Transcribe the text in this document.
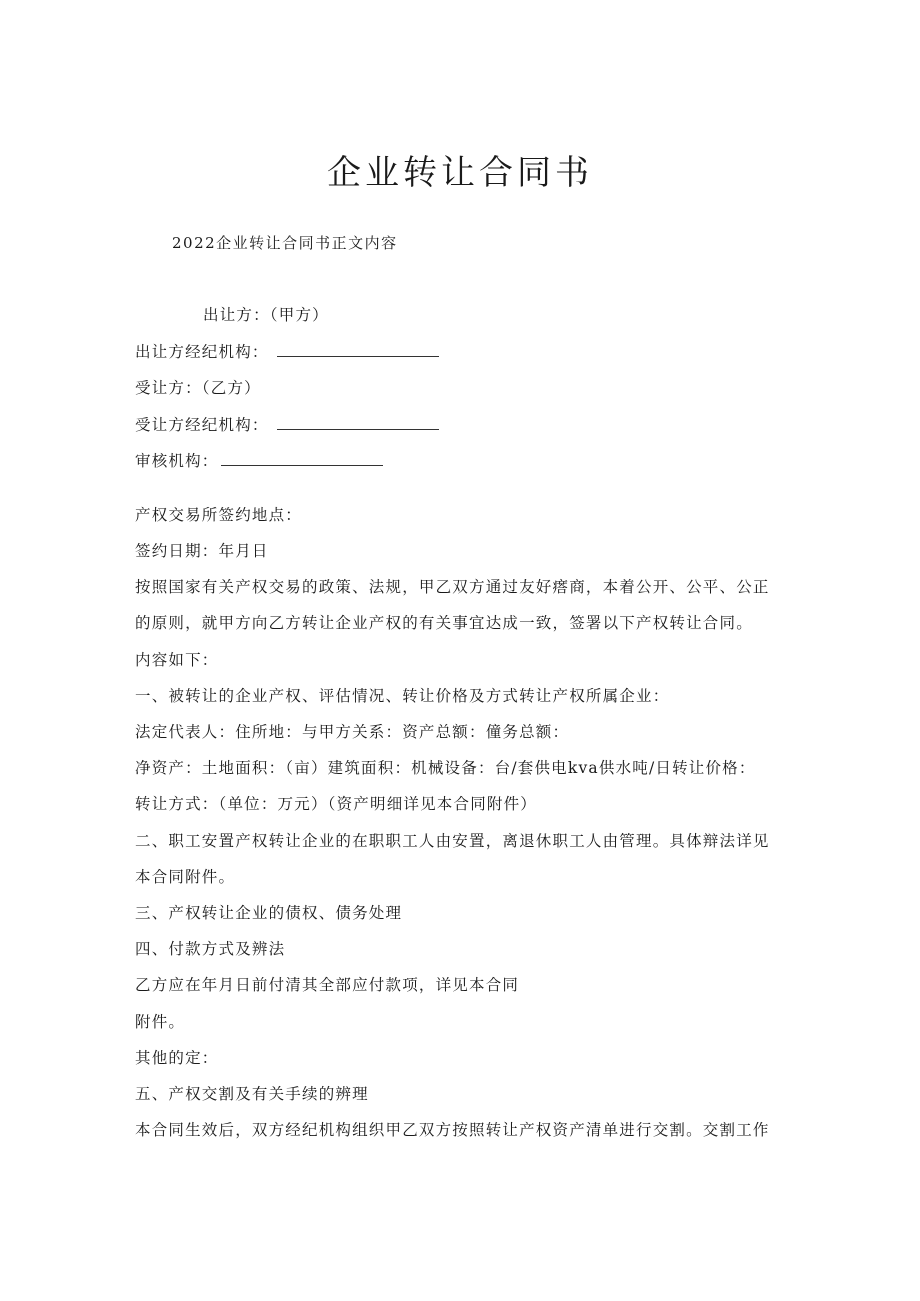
企业转让合同书

2022企业转让合同书正文内容

出让方：（甲方）

出让方经纪机构：

受让方：（乙方）

受让方经纪机构：

审核机构：

产权交易所签约地点：

签约日期：年月日

按照国家有关产权交易的政策、法规，甲乙双方通过友好瘩商，本着公开、公平、公正

的原则，就甲方向乙方转让企业产权的有关事宜达成一致，签署以下产权转让合同。

内容如下：

一、被转让的企业产权、评估情况、转让价格及方式转让产权所属企业：

法定代表人：住所地：与甲方关系：资产总额：僮务总额：

净资产：土地面积：（亩）建筑面积：机械设备：台/套供电kva供水吨/日转让价格：

转让方式：（单位：万元）（资产明细详见本合同附件）

二、职工安置产权转让企业的在职职工人由安置，离退休职工人由管理。具体辩法详见

本合同附件。

三、产权转让企业的债权、债务处理

四、付款方式及辨法

乙方应在年月日前付清其全部应付款项，详见本合同

附件。

其他的定：

五、产权交割及有关手续的辨理

本合同生效后，双方经纪机构组织甲乙双方按照转让产权资产清单进行交割。交割工作
